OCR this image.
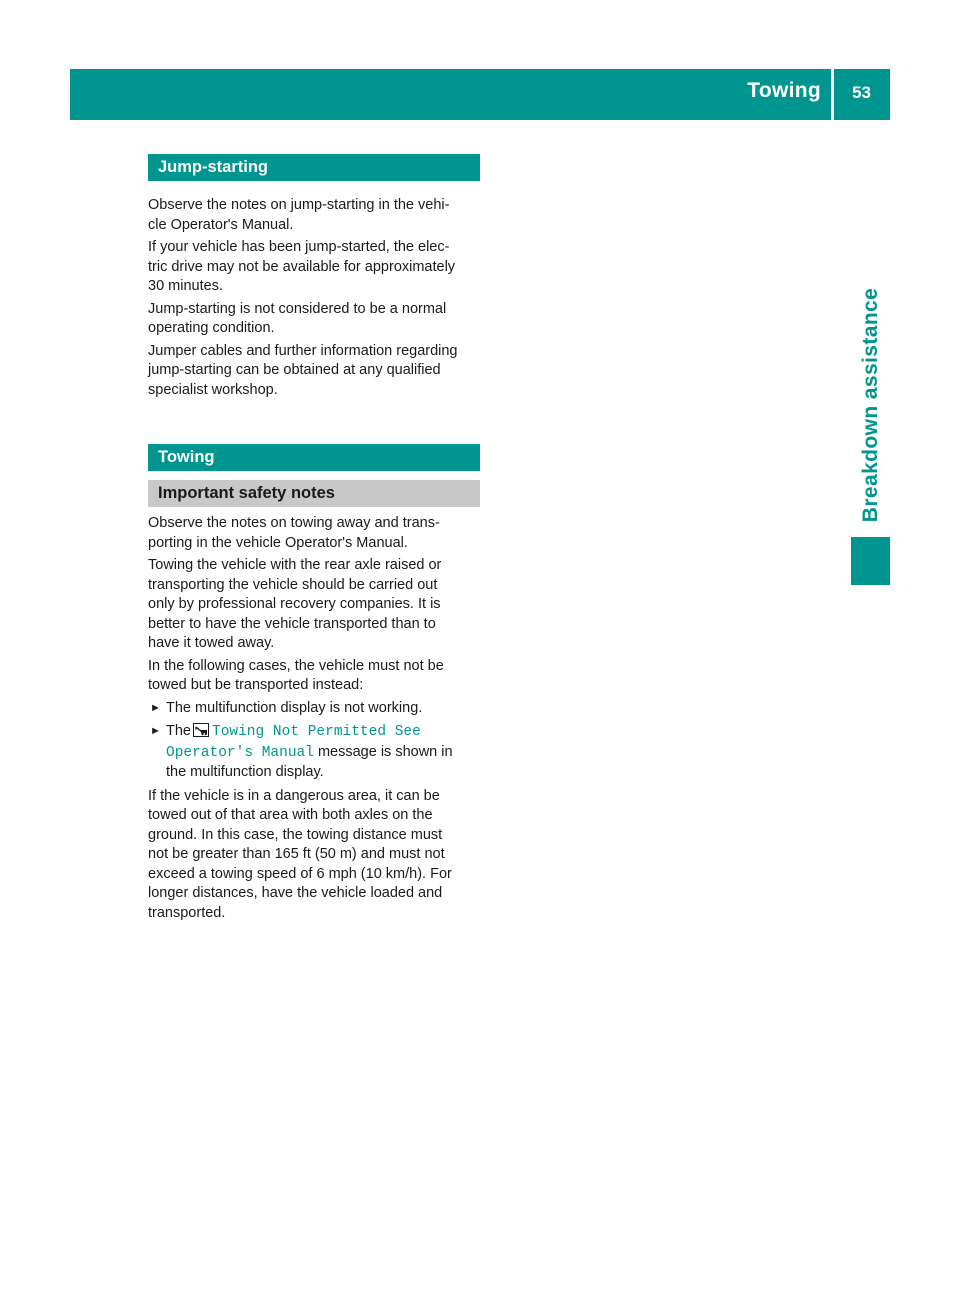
Towing 53
Breakdown assistance
Jump-starting

Observe the notes on jump-starting in the vehi-
cle Operator's Manual.

If your vehicle has been jump-started, the elec-
tric drive may not be available for approximately
30 minutes.

Jump-starting is not considered to be a normal
operating condition.

Jumper cables and further information regarding
jump-starting can be obtained at any qualified
specialist workshop.

Towing
Important safety notes

Observe the notes on towing away and trans-
porting in the vehicle Operator's Manual.

Towing the vehicle with the rear axle raised or
transporting the vehicle should be carried out
only by professional recovery companies. It is
better to have the vehicle transported than to
have it towed away.

In the following cases, the vehicle must not be
towed but be transported instead:

► The multifunction display is not working.
► The Towing Not Permitted See
Operator's Manual message is shown in
the multifunction display.

If the vehicle is in a dangerous area, it can be
towed out of that area with both axles on the
ground. In this case, the towing distance must
not be greater than 165 ft (50 m) and must not
exceed a towing speed of 6 mph (10 km/h). For
longer distances, have the vehicle loaded and
transported.
